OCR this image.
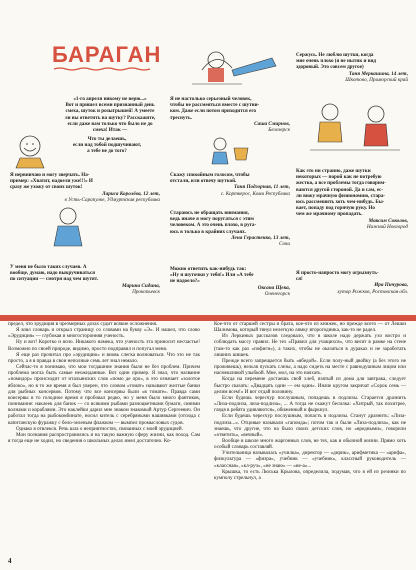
БАРАГАН

«1-го апреля никому не верю...»

Вот и пришел всеми признанный день

смеха, шуток и розыгрышей! А умеете

ли вы ответить на шутку? Расскажите,

если даже вам только что было не до

смеха! Итак —

Что ты делаешь,

если над тобой подшучивают,

а тебе не до того?

Я не настолько серьезный человек,

чтобы не рассмеяться вместе с шутни-

ком. Даже если потом приходится его

треснуть.

Саша Смирнов,

Белозерск

Сержусь. Не люблю шутки, когда

мне очень плохо (я не нытик и вид

здоровый. Это совсем другое)

Таня Меркашина, 14 лет,

Шкотово, Приморский край

Я нервничаю и могу зверчать. На-

пример: «Хватит, надоели уже!!!» И

сразу же ухожу от своих шуток!

Лариса Королёва, 12 лет,

в Усть-Сарапулке, Удмуртская республика

Скажу спокойным голосом, чтобы

отстали, или отвечу шуткой.

Таня Подгорная, 11 лет,

с. Корткерос, Коми Республика

Как это ни странно, даже шутки

некоторых — порой как не потребую

жестко, а все проблемы тогда говорим-

ваются другой стороной. Да и сам, ес-

ли вижу мрачную физиономию, стара-

юсь рассмешить хоть чем-нибудь. Бы-

вает, попаду под горячую руку. Но

чем же мрачному пропадать.

Максим Соколов,

Нижний Новгород

Стараюсь не обращать внимания,

ведь иначе я могу поругаться с этим

человеком. А это очень плохо, в руга-

юсь в только в крайних случаях.

Лена Герастенко, 13 лет,

Сочи

У меня не было таких случаев. А

вообще, думаю, надо выкручиваться

по ситуации — смотря над чем шутят.

Марина Сидина,

Прокопьевск

Можно ответить как-нибудь так:

«Ну и шуточки у тебя!» Или «А тебе

не надоело?»

Оксана Щека,

Оленегорск

Я просто-напросто могу огрызнуть-

ся!

Ира Пичурова,

хутор Рожков, Ростовская обл.

предел, что эрудиция в чрезмерных дозах судит всякие осложнения.

Я взял словарь и открыл страницу со словами на букву «Э». И нашел, что слово «Эрудиция» — глубокая и многосторонняя ученость.

Ну и вот! Коротко и ясно. Никакого намека, что ученость эта приносит несчастье! Возможно по своей природе, видимо, просто подправил и попугал меня.

Я еще раз прочитал про «эрудицию» и вновь слегка волноваться. Что это не так просто, а я в правда в свои неполные семь лет знал немало.

Сейчас-то я понимаю, что мои тогдашние знания были не без проблем. Причем проблема могла быть самые неожиданные. Вот один пример. Я знал, что название «помидор» происходит от итальянских слов «помо де оро», в это означает «золотое яблоко», но в то же время я был уверен, что словом «томат» называют желтые банки для рыбных консервов. Потому что все консервы были «в томате». Правда сами консервы в то голодное время я пробовал редко, но у меня было много фантиков, понимание: наклеек для банок — со всякими рыбами разноцветными бумаги, синими волнами и кораблями. Это наклейки дарил мне знаком знакомый Артур Сергеевич. Он работал тогда на рыбокомбинате, носил китель с серебряными нашивками (отсюда с капитанскую фуражку с бело-зеленым флажком — вымпел промысловых судов.

Однако я отвлекся. Речь шла о неприятностях, связанных с моей эрудицией.

Мои познания распространялись и на такую важную сферу жизни, как поход. Сам я тогда еще не ходил, но сведения о школьных делах имел достаточно. Ко-

Кое-что от старшей сестры и брата, кое-что из книжек, но прежде всего — от Лешки Шалимова, который тянул нелегкую лямку второгодника, как-то не радел.

Из Леркиных рассказов следовало, что в школе надо держать ухо востро и соблюдать массу правил. Не тех «Правил для учащихся», что висят в рамке на стене (там-то как раз «пофиги»), а таких, чтобы не оказаться в дураках и не заработать лишних шишек.

Прежде всего запрещается быть «ябедой». Если полу-ный двойку (а без этого не проживешь), нельзя пускать слезы, а надо сидеть на месте с равнодушным лицом или насмешливой улыбкой. Мне, мол, на это начхать.

Когда на перемене достаешь свой хлеб, взятый из дома для завтрака, следует быстро сказать: «Двадцать один — ем один». Иначе кругом закричат «Сорок семь — делим всем!» И вот отдай половину.

Если будешь чересчур послушным, попадешь в подлизы. Старается дразнить «Лиза-подлиза, лиза-подлиза», ... А тогда не скажут бесилка: «Хитрый, так похитрее, глядя в ребята удивляются», обиженный и фыркнул.

Если будешь чересчур послушным, попасть в подлизы. Станут дразнить: «Лиза-подлиза...». Отцовые называли «гапоида»; потом так и были «Лиза-подлиза», как не знаешь, что другие, что на было своих детских слов, но «вредными», говорили «ответить», «вечный».

Вообще в школе много жаргонных слов, не тех, как в обычной жизни. Прямо хоть особый словарь составляй.

Учительница называлась «училка», директор — «дирик», арифметика — «арифа», физкультура — «физра», учебник — «учебник», классный руководитель — «классная», «кл-руч», «не знаю» — «не-а»...

Крышка, то есть Люська Крылова, определила, подумав, что я ей из резинки по кумполу стрельнул, а

4
